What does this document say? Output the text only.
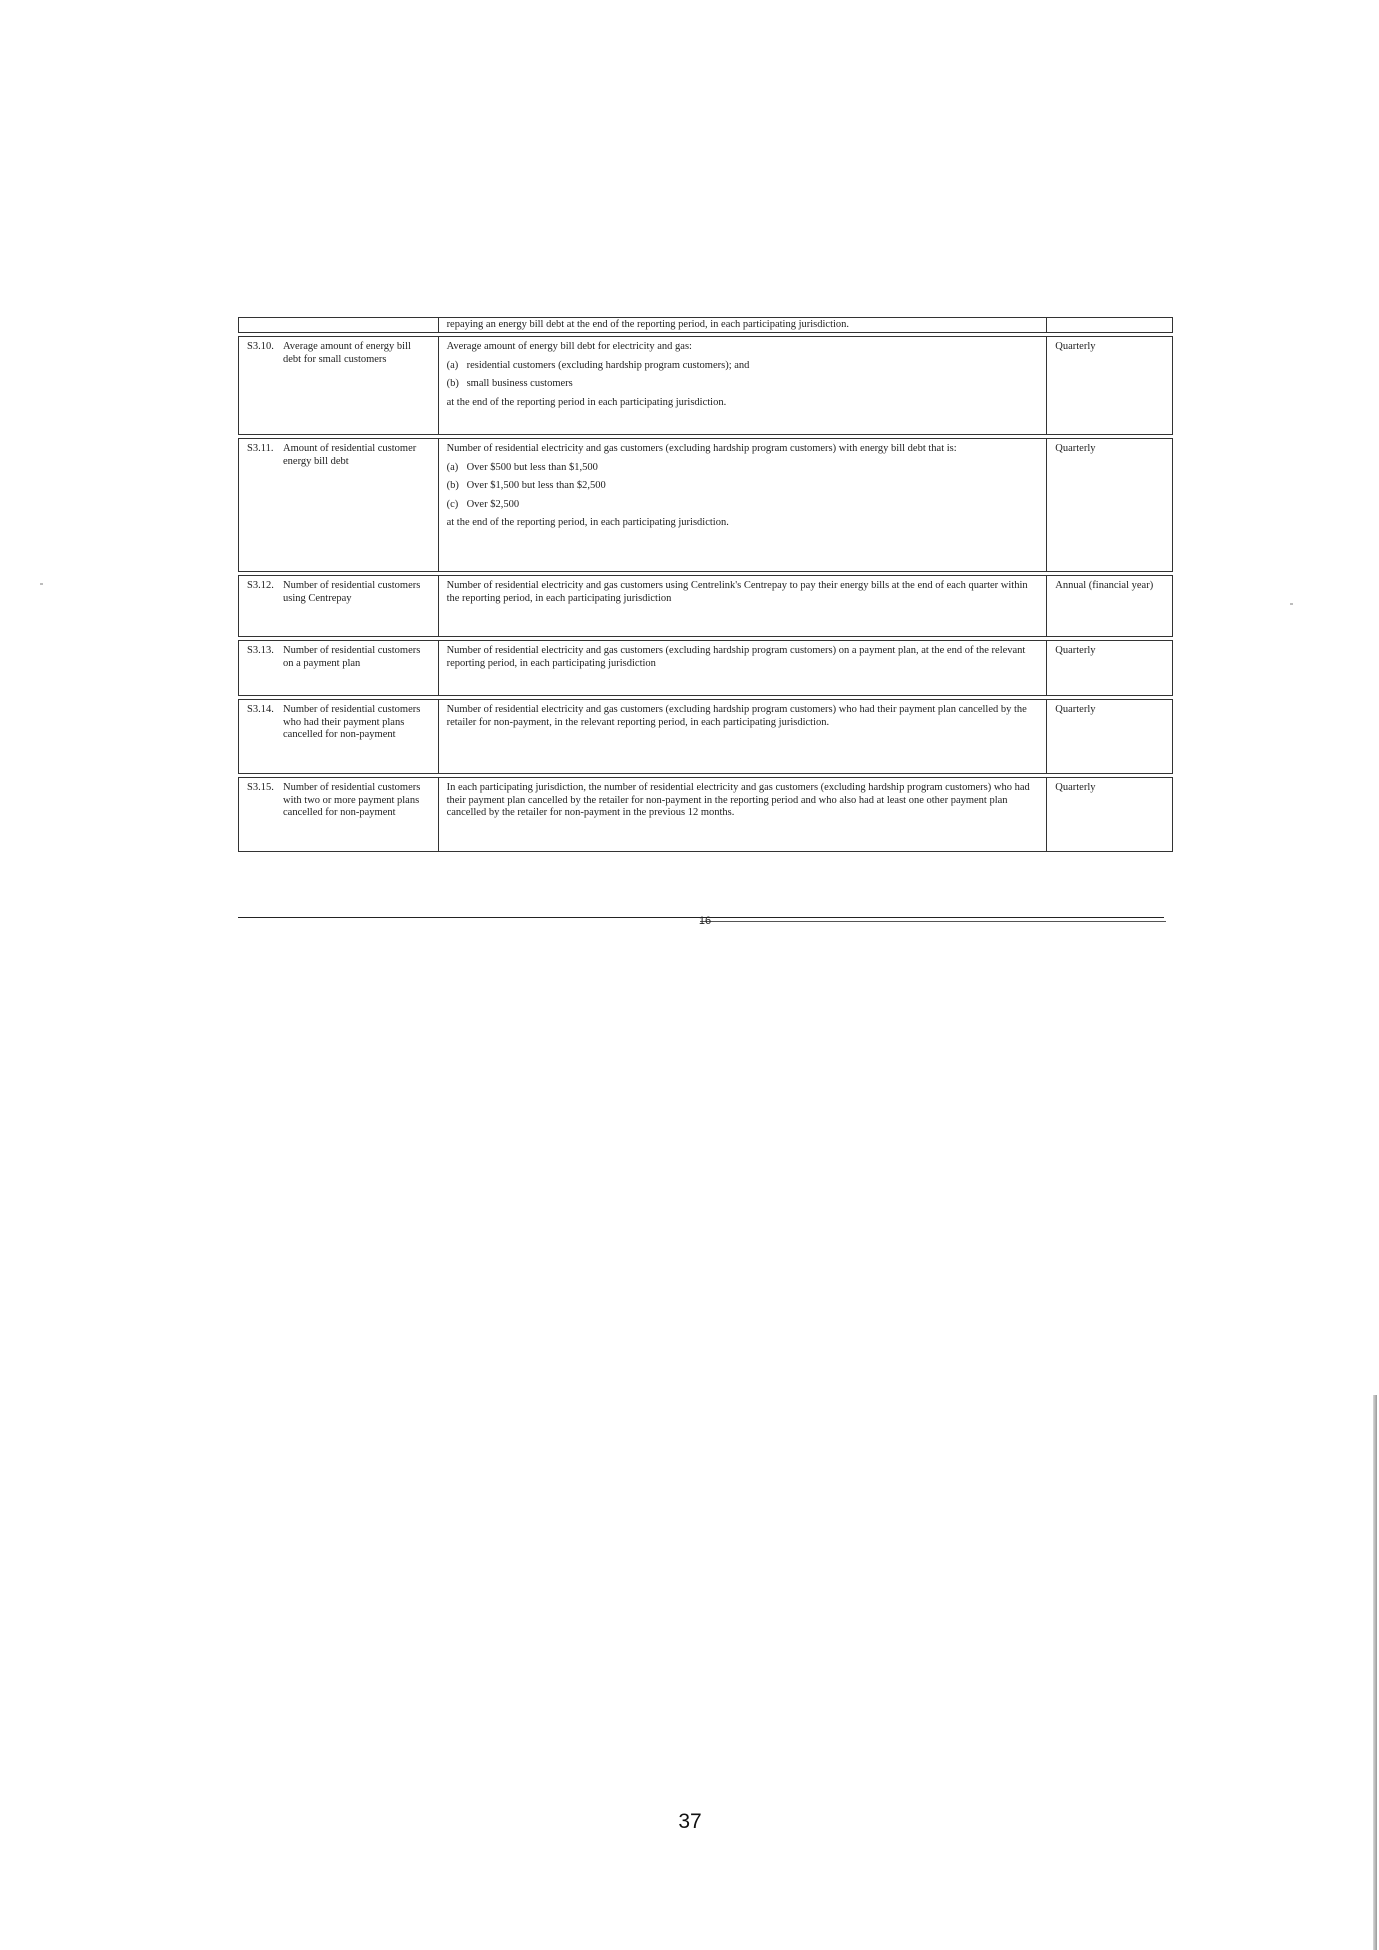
repaying an energy bill debt at the end of the reporting period, in each participating jurisdiction.
S3.10. Average amount of energy bill debt for small customers

Average amount of energy bill debt for electricity and gas:

(a) residential customers (excluding hardship program customers); and
(b) small business customers

at the end of the reporting period in each participating jurisdiction.

Quarterly
S3.11. Amount of residential customer energy bill debt

Number of residential electricity and gas customers (excluding hardship program customers) with energy bill debt that is:

(a) Over $500 but less than $1,500
(b) Over $1,500 but less than $2,500
(c) Over $2,500

at the end of the reporting period, in each participating jurisdiction.

Quarterly
S3.12. Number of residential customers using Centrepay

Number of residential electricity and gas customers using Centrelink's Centrepay to pay their energy bills at the end of each quarter within the reporting period, in each participating jurisdiction

Annual (financial year)
S3.13. Number of residential customers on a payment plan

Number of residential electricity and gas customers (excluding hardship program customers) on a payment plan, at the end of the relevant reporting period, in each participating jurisdiction

Quarterly
S3.14. Number of residential customers who had their payment plans cancelled for non-payment

Number of residential electricity and gas customers (excluding hardship program customers) who had their payment plan cancelled by the retailer for non-payment, in the relevant reporting period, in each participating jurisdiction.

Quarterly
S3.15. Number of residential customers with two or more payment plans cancelled for non-payment

In each participating jurisdiction, the number of residential electricity and gas customers (excluding hardship program customers) who had their payment plan cancelled by the retailer for non-payment in the reporting period and who also had at least one other payment plan cancelled by the retailer for non-payment in the previous 12 months.

Quarterly
16
37
